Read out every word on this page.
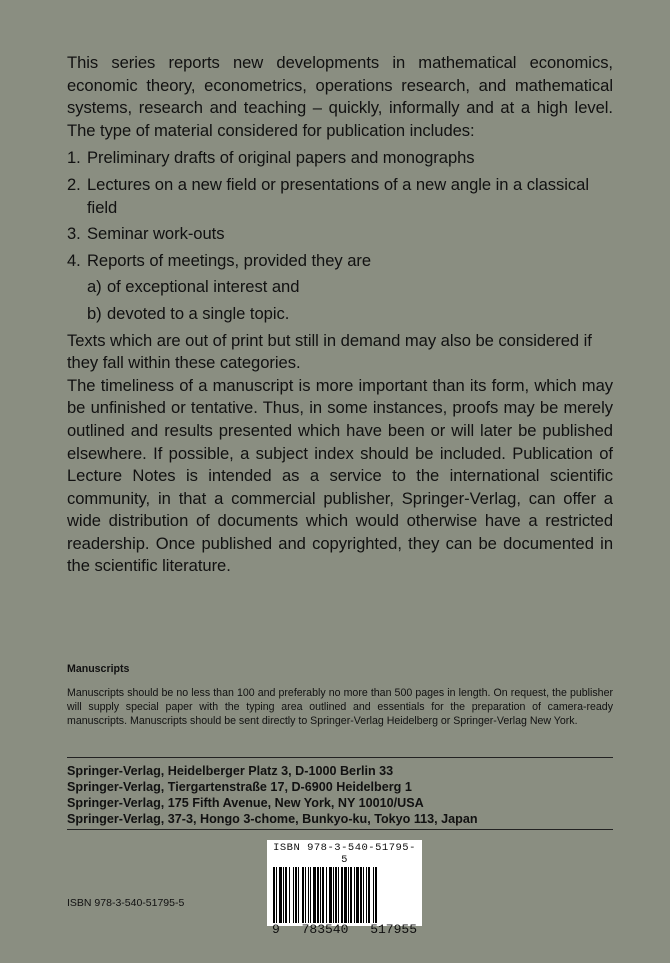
This series reports new developments in mathematical economics, economic theory, econometrics, operations research, and mathematical systems, research and teaching – quickly, informally and at a high level. The type of material considered for publication includes:

1. Preliminary drafts of original papers and monographs
2. Lectures on a new field or presentations of a new angle in a classical field
3. Seminar work-outs
4. Reports of meetings, provided they are
a) of exceptional interest and
b) devoted to a single topic.

Texts which are out of print but still in demand may also be considered if they fall within these categories.

The timeliness of a manuscript is more important than its form, which may be unfinished or tentative. Thus, in some instances, proofs may be merely outlined and results presented which have been or will later be published elsewhere. If possible, a subject index should be included. Publication of Lecture Notes is intended as a service to the international scientific community, in that a commercial publisher, Springer-Verlag, can offer a wide distribution of documents which would otherwise have a restricted readership. Once published and copyrighted, they can be documented in the scientific literature.

Manuscripts
Manuscripts should be no less than 100 and preferably no more than 500 pages in length. On request, the publisher will supply special paper with the typing area outlined and essentials for the preparation of camera-ready manuscripts. Manuscripts should be sent directly to Springer-Verlag Heidelberg or Springer-Verlag New York.
Springer-Verlag, Heidelberger Platz 3, D-1000 Berlin 33
Springer-Verlag, Tiergartenstraße 17, D-6900 Heidelberg 1
Springer-Verlag, 175 Fifth Avenue, New York, NY 10010/USA
Springer-Verlag, 37-3, Hongo 3-chome, Bunkyo-ku, Tokyo 113, Japan
ISBN 978-3-540-51795-5
9 783540 517955
ISBN 978-3-540-51795-5
